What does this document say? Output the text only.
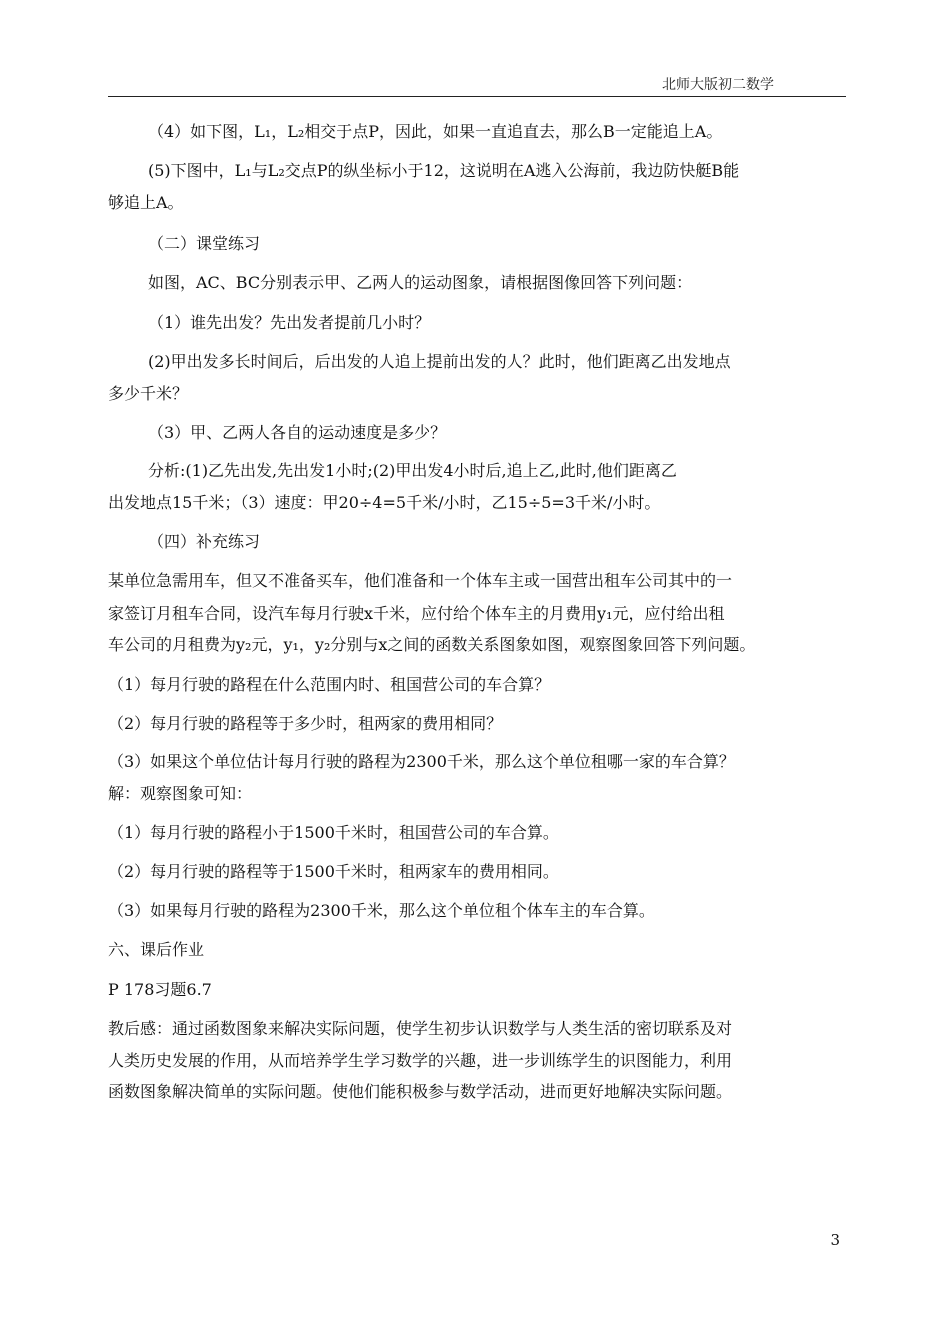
北师大版初二数学
（4）如下图，L₁，L₂相交于点P，因此，如果一直追直去，那么B一定能追上A。
(5)下图中，L₁与L₂交点P的纵坐标小于12，这说明在A逃入公海前，我边防快艇B能
够追上A。
（二）课堂练习
如图，AC、BC分别表示甲、乙两人的运动图象，请根据图像回答下列问题：
（1）谁先出发？先出发者提前几小时？
(2)甲出发多长时间后，后出发的人追上提前出发的人？此时，他们距离乙出发地点
多少千米？
（3）甲、乙两人各自的运动速度是多少？
分析:(1)乙先出发,先出发1小时;(2)甲出发4小时后,追上乙,此时,他们距离乙
出发地点15千米；（3）速度：甲20÷4=5千米/小时，乙15÷5=3千米/小时。
（四）补充练习
某单位急需用车，但又不准备买车，他们准备和一个体车主或一国营出租车公司其中的一
家签订月租车合同，设汽车每月行驶x千米，应付给个体车主的月费用y₁元，应付给出租
车公司的月租费为y₂元，y₁，y₂分别与x之间的函数关系图象如图，观察图象回答下列问题。
（1）每月行驶的路程在什么范围内时、租国营公司的车合算？
（2）每月行驶的路程等于多少时，租两家的费用相同？
（3）如果这个单位估计每月行驶的路程为2300千米，那么这个单位租哪一家的车合算？
解：观察图象可知：
（1）每月行驶的路程小于1500千米时，租国营公司的车合算。
（2）每月行驶的路程等于1500千米时，租两家车的费用相同。
（3）如果每月行驶的路程为2300千米，那么这个单位租个体车主的车合算。
六、课后作业
P 178习题6.7
教后感：通过函数图象来解决实际问题，使学生初步认识数学与人类生活的密切联系及对
人类历史发展的作用，从而培养学生学习数学的兴趣，进一步训练学生的识图能力，利用
函数图象解决简单的实际问题。使他们能积极参与数学活动，进而更好地解决实际问题。
3
